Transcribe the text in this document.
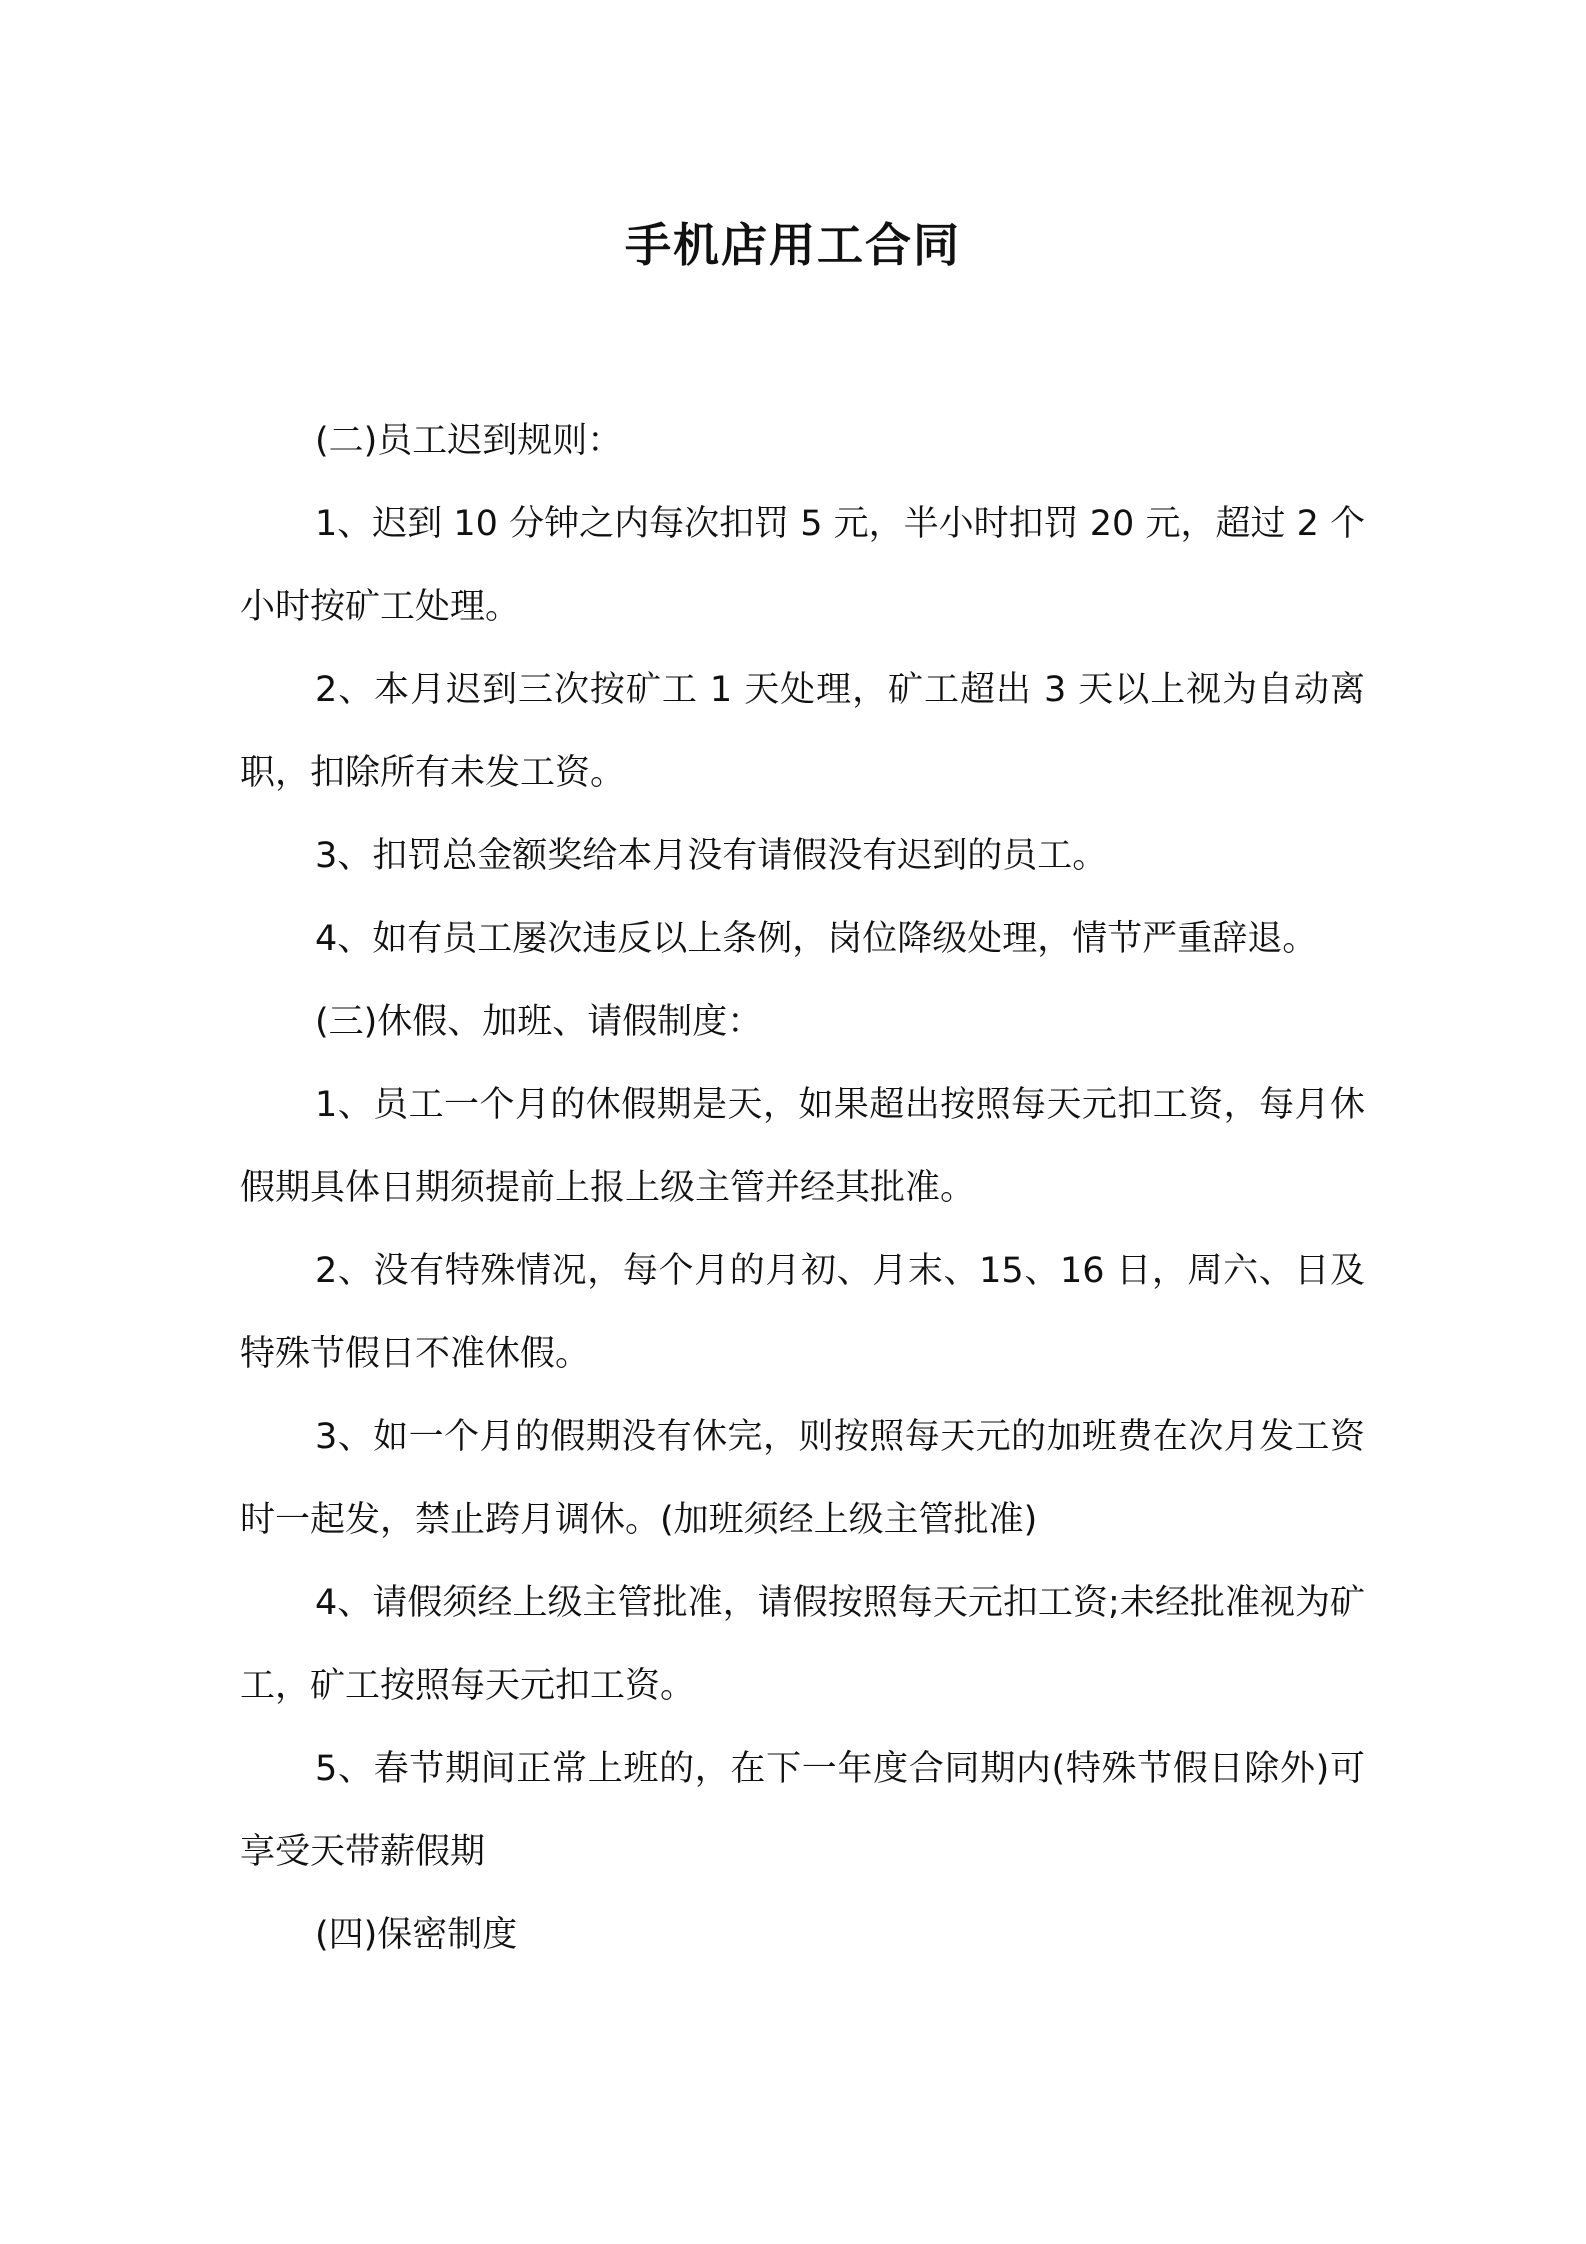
手机店用工合同

(二)员工迟到规则：

1、迟到 10 分钟之内每次扣罚 5 元，半小时扣罚 20 元，超过 2 个小时按矿工处理。

2、本月迟到三次按矿工 1 天处理，矿工超出 3 天以上视为自动离职，扣除所有未发工资。

3、扣罚总金额奖给本月没有请假没有迟到的员工。

4、如有员工屡次违反以上条例，岗位降级处理，情节严重辞退。

(三)休假、加班、请假制度：

1、员工一个月的休假期是天，如果超出按照每天元扣工资，每月休假期具体日期须提前上报上级主管并经其批准。

2、没有特殊情况，每个月的月初、月末、15、16 日，周六、日及特殊节假日不准休假。

3、如一个月的假期没有休完，则按照每天元的加班费在次月发工资时一起发，禁止跨月调休。(加班须经上级主管批准)

4、请假须经上级主管批准，请假按照每天元扣工资;未经批准视为矿工，矿工按照每天元扣工资。

5、春节期间正常上班的，在下一年度合同期内(特殊节假日除外)可享受天带薪假期

(四)保密制度
